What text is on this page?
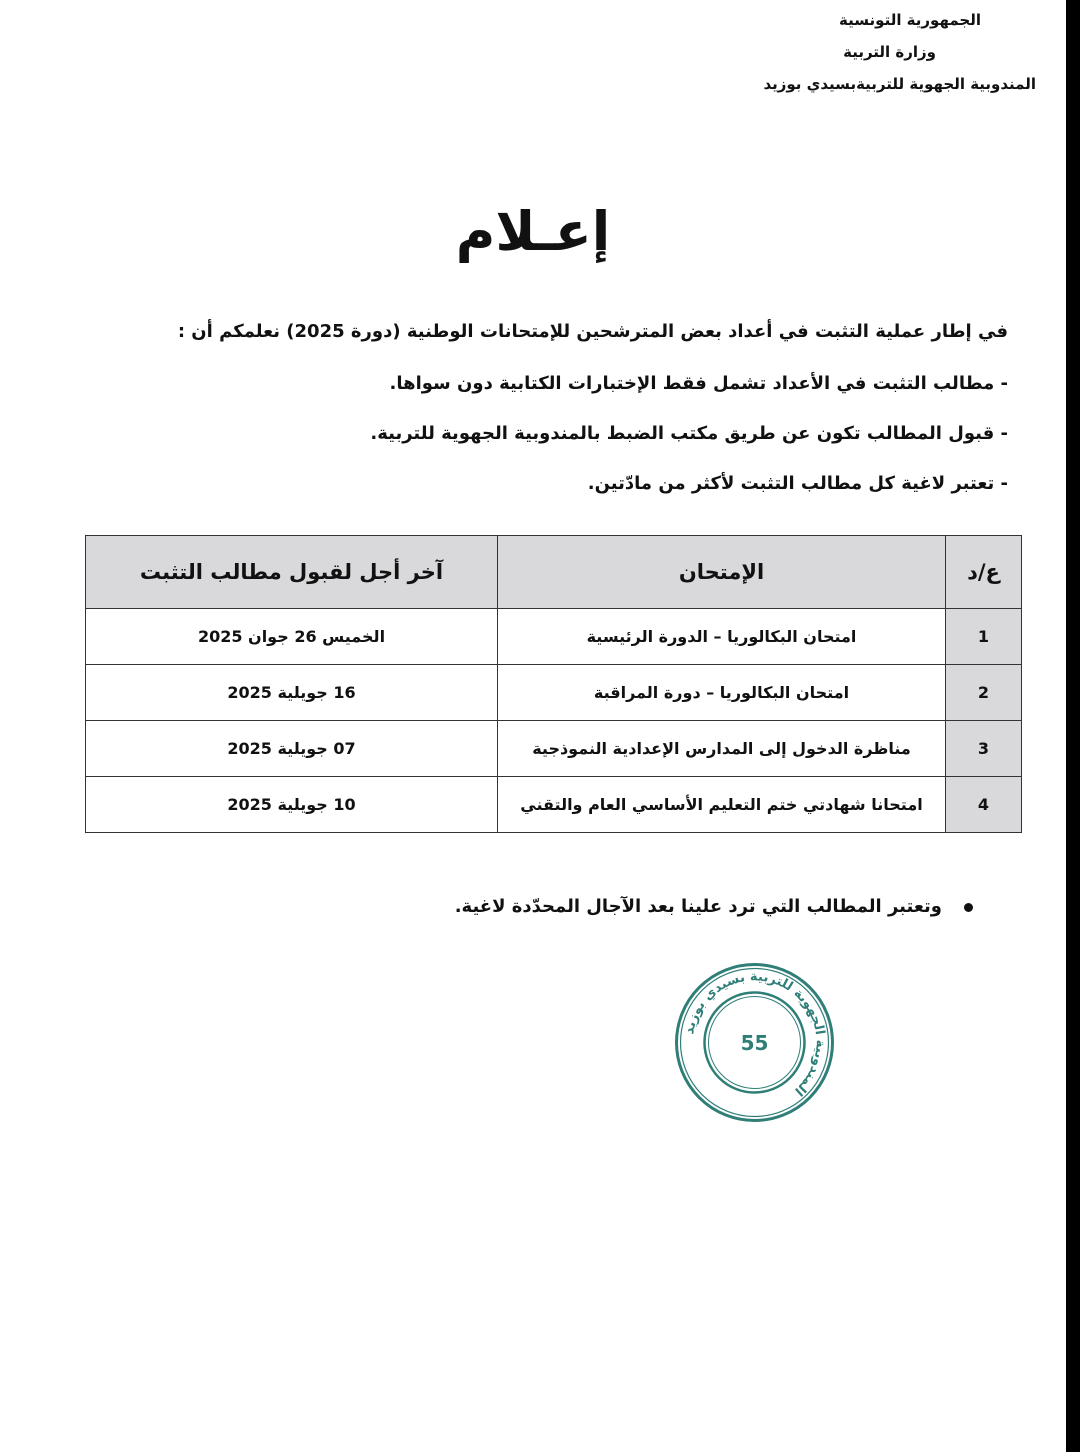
الجمهورية التونسية
وزارة التربية
المندوبية الجهوية للتربيةبسيدي بوزيد
إعـلام

في إطار عملية التثبت في أعداد بعض المترشحين للإمتحانات الوطنية (دورة 2025) نعلمكم أن :

- مطالب التثبت في الأعداد تشمل فقط الإختبارات الكتابية دون سواها.

- قبول المطالب تكون عن طريق مكتب الضبط بالمندوبية الجهوية للتربية.

- تعتبر لاغية كل مطالب التثبت لأكثر من مادّتين.

ع/د	الإمتحان	آخر أجل لقبول مطالب التثبت
1	امتحان البكالوريا – الدورة الرئيسية	الخميس 26 جوان 2025
2	امتحان البكالوريا – دورة المراقبة	16 جويلية 2025
3	مناظرة الدخول إلى المدارس الإعدادية النموذجية	07 جويلية 2025
4	امتحانا شهادتي ختم التعليم الأساسي العام والتقني	10 جويلية 2025
وتعتبر المطالب التي ترد علينا بعد الآجال المحدّدة لاغية.
المندوبية الجهوية للتربية بسيدي بوزيد
55
